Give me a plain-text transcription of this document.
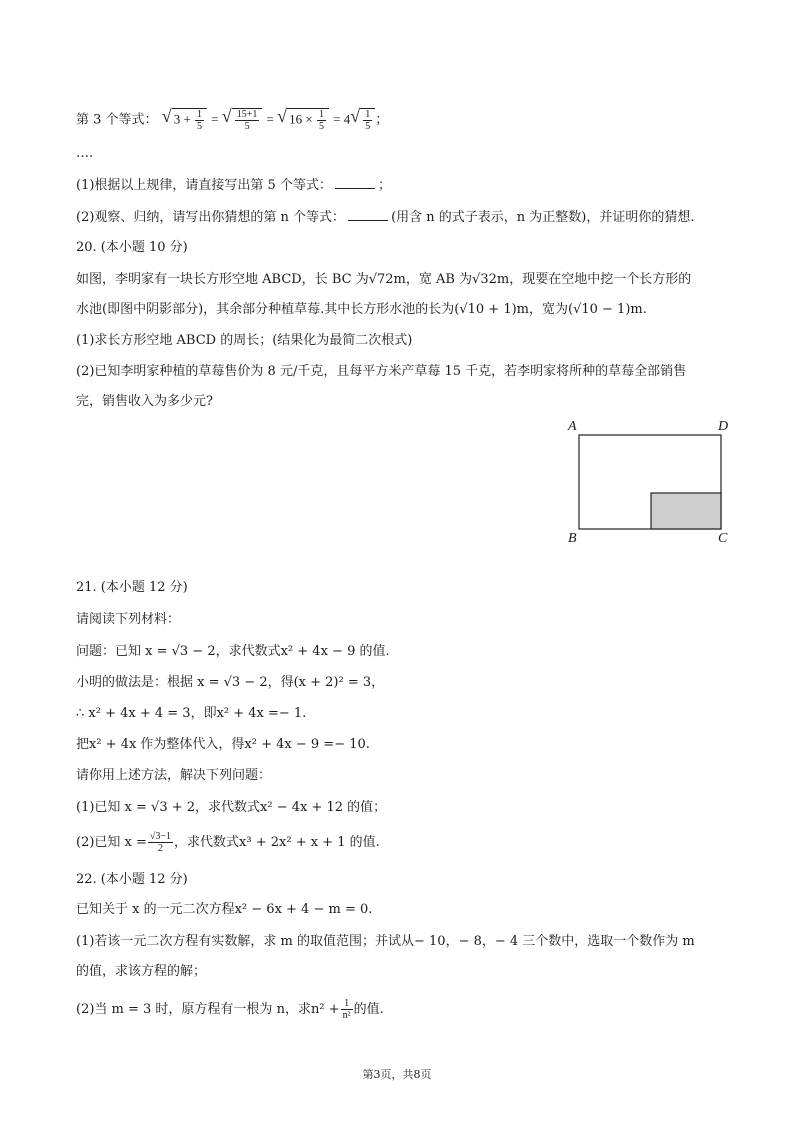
第 3 个等式： √ $3 + \frac{1}{5}$ = √ $\frac{15+1}{5}$ = √ $16 \times \frac{1}{5} = 4$ √ $\frac{1}{5}$ ；
….
(1)根据以上规律，请直接写出第 5 个等式：	；
(2)观察、归纳，请写出你猜想的第 n 个等式：	(用含 n 的式子表示，n 为正整数)，并证明你的猜想.
20. (本小题 10 分)
如图，李明家有一块长方形空地 ABCD，长 BC 为√72m，宽 AB 为√32m，现要在空地中挖一个长方形的
水池(即图中阴影部分)，其余部分种植草莓.其中长方形水池的长为(√10 + 1)m，宽为(√10 − 1)m.
(1)求长方形空地 ABCD 的周长；(结果化为最简二次根式)
(2)已知李明家种植的草莓售价为 8 元/千克，且每平方米产草莓 15 千克，若李明家将所种的草莓全部销售
完，销售收入为多少元?
A	D
B	C
21. (本小题 12 分)
请阅读下列材料：
问题：已知 x = √3 − 2，求代数式x² + 4x − 9 的值.
小明的做法是：根据 x = √3 − 2，得(x + 2)² = 3，
∴ x² + 4x + 4 = 3，即x² + 4x =− 1.
把x² + 4x 作为整体代入，得x² + 4x − 9 =− 10.
请你用上述方法，解决下列问题：
(1)已知 x = √3 + 2，求代数式x² − 4x + 12 的值；
(2)已知 $x = \frac{√3-1}{2}$ ，求代数式x³ + 2x² + x + 1 的值.
22. (本小题 12 分)
已知关于 x 的一元二次方程x² − 6x + 4 − m = 0.
(1)若该一元二次方程有实数解，求 m 的取值范围；并试从− 10，− 8，− 4 三个数中，选取一个数作为 m
的值，求该方程的解；
(2)当 m = 3 时，原方程有一根为 n，求$n^2 + \frac{1}{\text{n²}}$ 的值.
第3页，共8页
